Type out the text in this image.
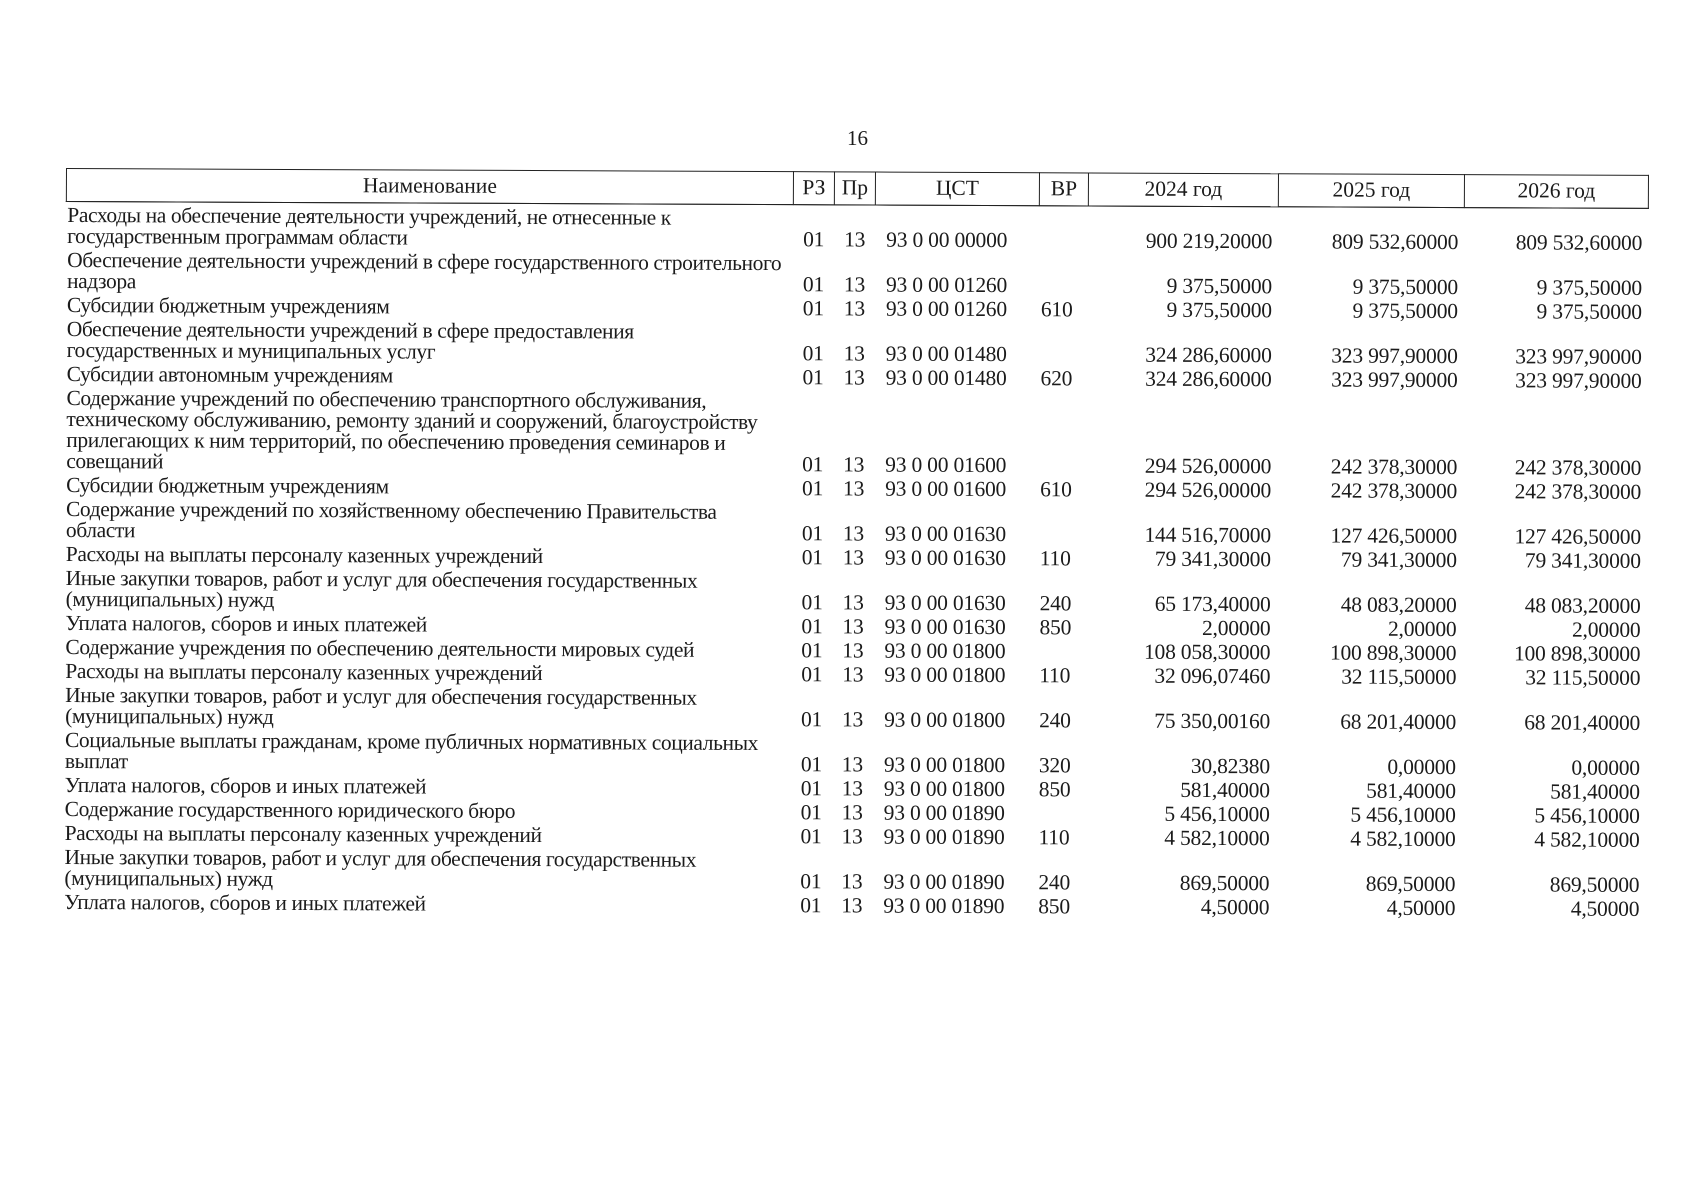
16
Наименование	РЗ	Пр	ЦСТ	ВР	2024 год	2025 год	2026 год
Расходы на обеспечение деятельности учреждений, не отнесенные к государственным программам области	01	13	93 0 00 00000		900 219,20000	809 532,60000	809 532,60000
Обеспечение деятельности учреждений в сфере государственного строительного надзора	01	13	93 0 00 01260		9 375,50000	9 375,50000	9 375,50000
Субсидии бюджетным учреждениям	01	13	93 0 00 01260	610	9 375,50000	9 375,50000	9 375,50000
Обеспечение деятельности учреждений в сфере предоставления государственных и муниципальных услуг	01	13	93 0 00 01480		324 286,60000	323 997,90000	323 997,90000
Субсидии автономным учреждениям	01	13	93 0 00 01480	620	324 286,60000	323 997,90000	323 997,90000
Содержание учреждений по обеспечению транспортного обслуживания, техническому обслуживанию, ремонту зданий и сооружений, благоустройству прилегающих к ним территорий, по обеспечению проведения семинаров и совещаний	01	13	93 0 00 01600		294 526,00000	242 378,30000	242 378,30000
Субсидии бюджетным учреждениям	01	13	93 0 00 01600	610	294 526,00000	242 378,30000	242 378,30000
Содержание учреждений по хозяйственному обеспечению Правительства области	01	13	93 0 00 01630		144 516,70000	127 426,50000	127 426,50000
Расходы на выплаты персоналу казенных учреждений	01	13	93 0 00 01630	110	79 341,30000	79 341,30000	79 341,30000
Иные закупки товаров, работ и услуг для обеспечения государственных (муниципальных) нужд	01	13	93 0 00 01630	240	65 173,40000	48 083,20000	48 083,20000
Уплата налогов, сборов и иных платежей	01	13	93 0 00 01630	850	2,00000	2,00000	2,00000
Содержание учреждения по обеспечению деятельности мировых судей	01	13	93 0 00 01800		108 058,30000	100 898,30000	100 898,30000
Расходы на выплаты персоналу казенных учреждений	01	13	93 0 00 01800	110	32 096,07460	32 115,50000	32 115,50000
Иные закупки товаров, работ и услуг для обеспечения государственных (муниципальных) нужд	01	13	93 0 00 01800	240	75 350,00160	68 201,40000	68 201,40000
Социальные выплаты гражданам, кроме публичных нормативных социальных выплат	01	13	93 0 00 01800	320	30,82380	0,00000	0,00000
Уплата налогов, сборов и иных платежей	01	13	93 0 00 01800	850	581,40000	581,40000	581,40000
Содержание государственного юридического бюро	01	13	93 0 00 01890		5 456,10000	5 456,10000	5 456,10000
Расходы на выплаты персоналу казенных учреждений	01	13	93 0 00 01890	110	4 582,10000	4 582,10000	4 582,10000
Иные закупки товаров, работ и услуг для обеспечения государственных (муниципальных) нужд	01	13	93 0 00 01890	240	869,50000	869,50000	869,50000
Уплата налогов, сборов и иных платежей	01	13	93 0 00 01890	850	4,50000	4,50000	4,50000
